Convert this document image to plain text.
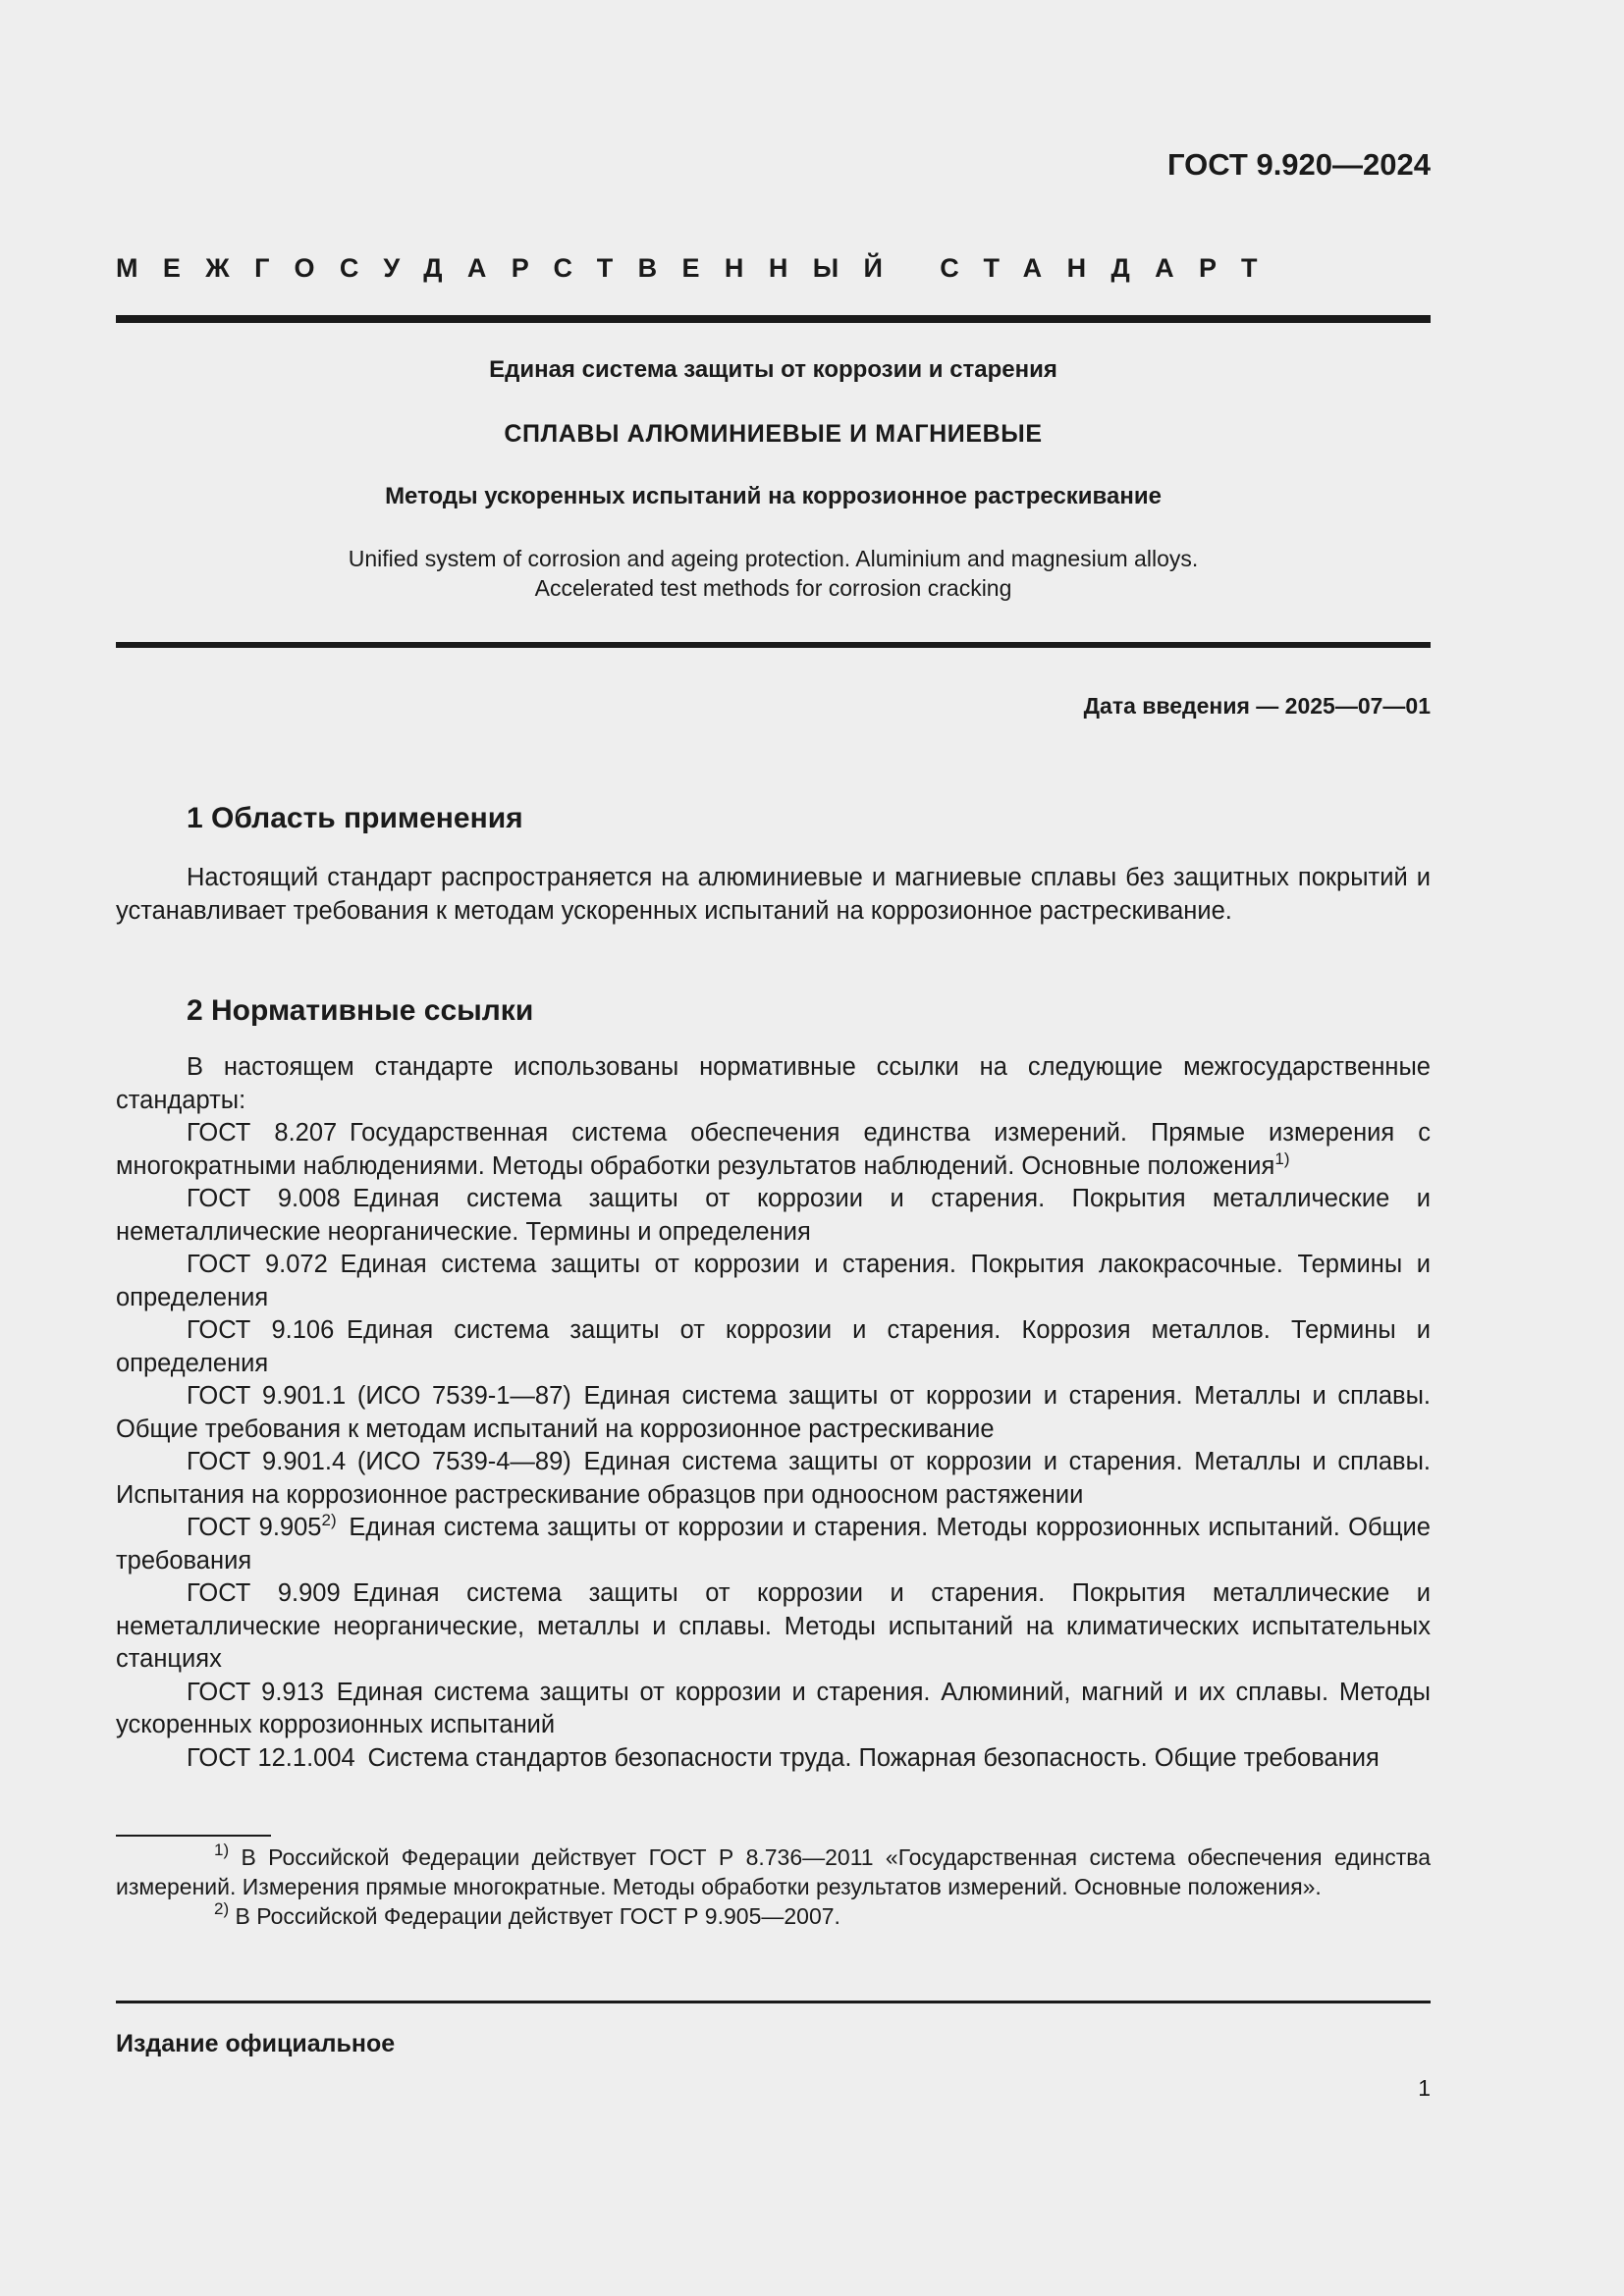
ГОСТ 9.920—2024
МЕЖГОСУДАРСТВЕННЫЙ СТАНДАРТ
Единая система защиты от коррозии и старения
СПЛАВЫ АЛЮМИНИЕВЫЕ И МАГНИЕВЫЕ
Методы ускоренных испытаний на коррозионное растрескивание
Unified system of corrosion and ageing protection. Aluminium and magnesium alloys.
Accelerated test methods for corrosion cracking
Дата введения — 2025—07—01
1 Область применения

Настоящий стандарт распространяется на алюминиевые и магниевые сплавы без защитных покрытий и устанавливает требования к методам ускоренных испытаний на коррозионное растрескивание.

2 Нормативные ссылки

В настоящем стандарте использованы нормативные ссылки на следующие межгосударственные стандарты:

ГОСТ 8.207  Государственная система обеспечения единства измерений. Прямые измерения с многократными наблюдениями. Методы обработки результатов наблюдений. Основные положения$^{1)}$

ГОСТ 9.008  Единая система защиты от коррозии и старения. Покрытия металлические и неметаллические неорганические. Термины и определения

ГОСТ 9.072  Единая система защиты от коррозии и старения. Покрытия лакокрасочные. Термины и определения

ГОСТ 9.106  Единая система защиты от коррозии и старения. Коррозия металлов. Термины и определения

ГОСТ 9.901.1 (ИСО 7539-1—87)  Единая система защиты от коррозии и старения. Металлы и сплавы. Общие требования к методам испытаний на коррозионное растрескивание

ГОСТ 9.901.4 (ИСО 7539-4—89)  Единая система защиты от коррозии и старения. Металлы и сплавы. Испытания на коррозионное растрескивание образцов при одноосном растяжении

ГОСТ 9.905$^{2)}$  Единая система защиты от коррозии и старения. Методы коррозионных испытаний. Общие требования

ГОСТ 9.909  Единая система защиты от коррозии и старения. Покрытия металлические и неметаллические неорганические, металлы и сплавы. Методы испытаний на климатических испытательных станциях

ГОСТ 9.913  Единая система защиты от коррозии и старения. Алюминий, магний и их сплавы. Методы ускоренных коррозионных испытаний

ГОСТ 12.1.004  Система стандартов безопасности труда. Пожарная безопасность. Общие требования

$^{1)}$ В Российской Федерации действует ГОСТ Р 8.736—2011 «Государственная система обеспечения единства измерений. Измерения прямые многократные. Методы обработки результатов измерений. Основные положения».

$^{2)}$ В Российской Федерации действует ГОСТ Р 9.905—2007.

Издание официальное
1
